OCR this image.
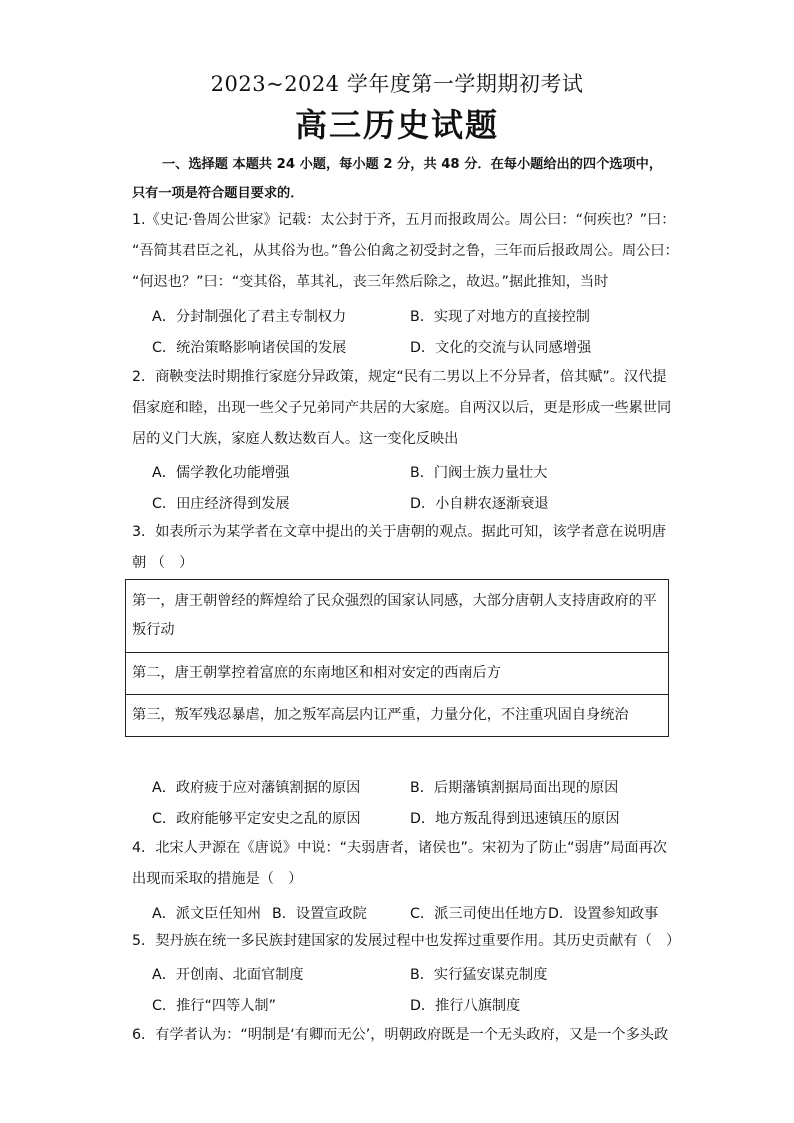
2023~2024 学年度第一学期期初考试
高三历史试题
一、选择题 本题共 24 小题，每小题 2 分，共 48 分．在每小题给出的四个选项中，
只有一项是符合题目要求的．
1.《史记·鲁周公世家》记载：太公封于齐，五月而报政周公。周公曰：“何疾也？”曰：
“吾简其君臣之礼，从其俗为也。”鲁公伯禽之初受封之鲁，三年而后报政周公。周公曰：
“何迟也？”曰：“变其俗，革其礼，丧三年然后除之，故迟。”据此推知，当时
A．分封制强化了君主专制权力	B．实现了对地方的直接控制
C．统治策略影响诸侯国的发展	D．文化的交流与认同感增强
2．商鞅变法时期推行家庭分异政策，规定“民有二男以上不分异者，倍其赋”。汉代提
倡家庭和睦，出现一些父子兄弟同产共居的大家庭。自两汉以后，更是形成一些累世同
居的义门大族，家庭人数达数百人。这一变化反映出
A．儒学教化功能增强	B．门阀士族力量壮大
C．田庄经济得到发展	D．小自耕农逐渐衰退
3．如表所示为某学者在文章中提出的关于唐朝的观点。据此可知，该学者意在说明唐
朝 （　）
第一，唐王朝曾经的辉煌给了民众强烈的国家认同感，大部分唐朝人支持唐政府的平叛行动
第二，唐王朝掌控着富庶的东南地区和相对安定的西南后方
第三，叛军残忍暴虐，加之叛军高层内讧严重，力量分化，不注重巩固自身统治
A．政府疲于应对藩镇割据的原因	B．后期藩镇割据局面出现的原因
C．政府能够平定安史之乱的原因	D．地方叛乱得到迅速镇压的原因
4．北宋人尹源在《唐说》中说：“夫弱唐者，诸侯也”。宋初为了防止“弱唐”局面再次
出现而采取的措施是（　）
A．派文臣任知州 B．设置宣政院	C．派三司使出任地方 D．设置参知政事
5．契丹族在统一多民族封建国家的发展过程中也发挥过重要作用。其历史贡献有（　）
A．开创南、北面官制度	B．实行猛安谋克制度
C．推行“四等人制”	D．推行八旗制度
6．有学者认为：“明制是‘有卿而无公’，明朝政府既是一个无头政府，又是一个多头政
